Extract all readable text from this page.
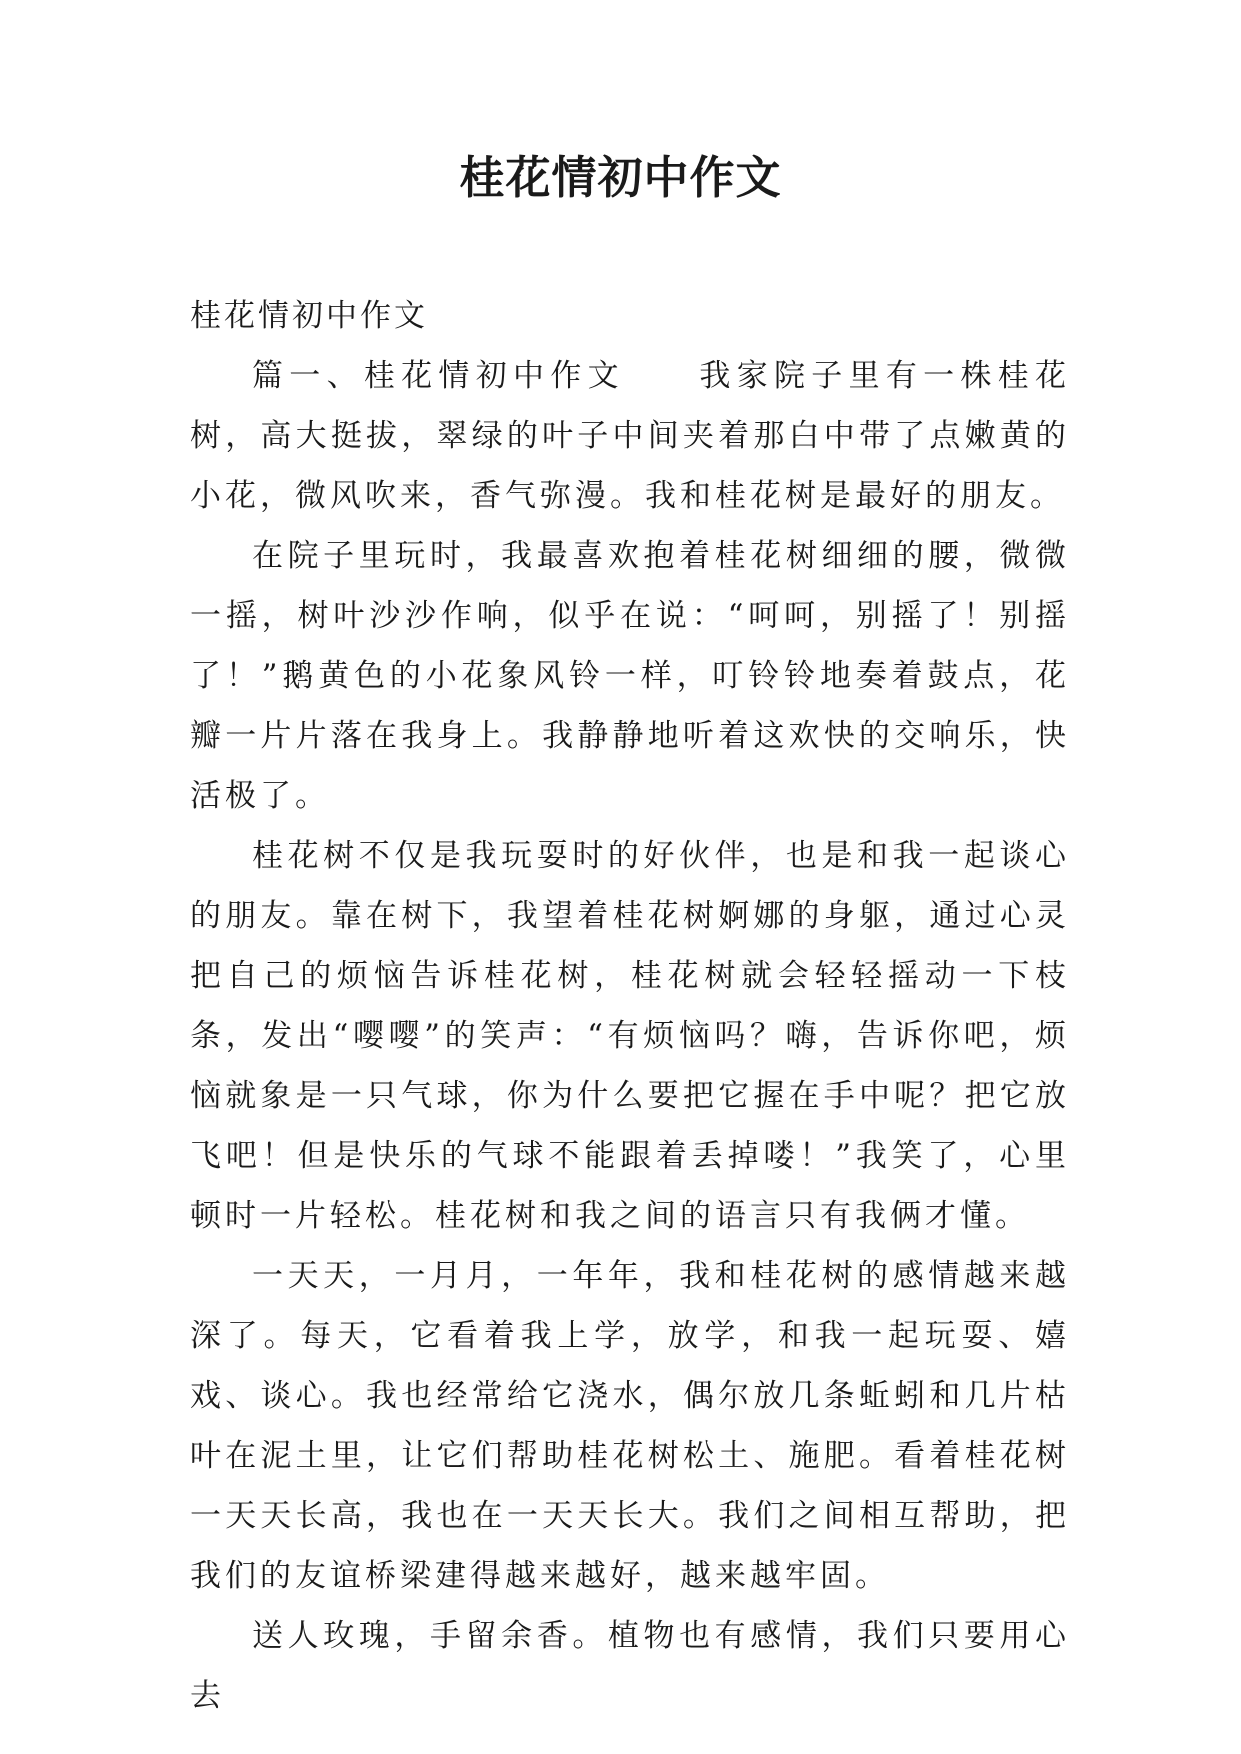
桂花情初中作文

桂花情初中作文

篇一、桂花情初中作文　　我家院子里有一株桂花树，高大挺拔，翠绿的叶子中间夹着那白中带了点嫩黄的小花，微风吹来，香气弥漫。我和桂花树是最好的朋友。

在院子里玩时，我最喜欢抱着桂花树细细的腰，微微一摇，树叶沙沙作响，似乎在说：“呵呵，别摇了！别摇了！”鹅黄色的小花象风铃一样，叮铃铃地奏着鼓点，花瓣一片片落在我身上。我静静地听着这欢快的交响乐，快活极了。

桂花树不仅是我玩耍时的好伙伴，也是和我一起谈心的朋友。靠在树下，我望着桂花树婀娜的身躯，通过心灵把自己的烦恼告诉桂花树，桂花树就会轻轻摇动一下枝条，发出“嘤嘤”的笑声：“有烦恼吗？嗨，告诉你吧，烦恼就象是一只气球，你为什么要把它握在手中呢？把它放飞吧！但是快乐的气球不能跟着丢掉喽！”我笑了，心里顿时一片轻松。桂花树和我之间的语言只有我俩才懂。

一天天，一月月，一年年，我和桂花树的感情越来越深了。每天，它看着我上学，放学，和我一起玩耍、嬉戏、谈心。我也经常给它浇水，偶尔放几条蚯蚓和几片枯叶在泥土里，让它们帮助桂花树松土、施肥。看着桂花树一天天长高，我也在一天天长大。我们之间相互帮助，把我们的友谊桥梁建得越来越好，越来越牢固。

送人玫瑰，手留余香。植物也有感情，我们只要用心去
